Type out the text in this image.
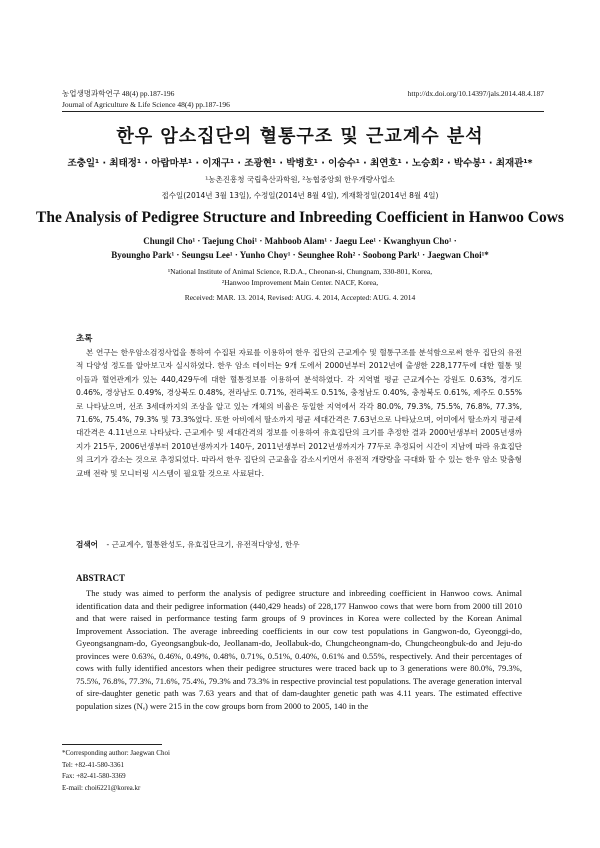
농업생명과학연구 48(4) pp.187-196	http://dx.doi.org/10.14397/jals.2014.48.4.187
Journal of Agriculture & Life Science 48(4) pp.187-196
한우 암소집단의 혈통구조 및 근교계수 분석
조충일¹ · 최태정¹ · 아랍마부¹ · 이재구¹ · 조광현¹ · 박병호¹ · 이승수¹ · 최연호¹ · 노승희² · 박수봉¹ · 최재관¹*
¹농촌진흥청 국립축산과학원, ²농협중앙회 한우개량사업소
접수일(2014년 3월 13일), 수정일(2014년 8월 4일), 게재확정일(2014년 8월 4일)
The Analysis of Pedigree Structure and Inbreeding Coefficient in Hanwoo Cows
Chungil Cho¹ · Taejung Choi¹ · Mahboob Alam¹ · Jaegu Lee¹ · Kwanghyun Cho¹ ·
Byoungho Park¹ · Seungsu Lee¹ · Yunho Choy¹ · Seunghee Roh² · Soobong Park¹ · Jaegwan Choi¹*
¹National Institute of Animal Science, R.D.A., Cheonan-si, Chungnam, 330-801, Korea,
²Hanwoo Improvement Main Center. NACF, Korea,
Received: MAR. 13. 2014, Revised: AUG. 4. 2014, Accepted: AUG. 4. 2014
초록
본 연구는 한우암소검정사업을 통하여 수집된 자료를 이용하여 한우 집단의 근교계수 및 혈통구조를 분석함으로써 한우 집단의 유전적 다양성 정도를 알아보고자 실시하였다. 한우 암소 데이터는 9개 도에서 2000년부터 2012년에 출생한 228,177두에 대한 혈통 및 이들과 혈연관계가 있는 440,429두에 대한 혈통정보를 이용하여 분석하였다. 각 지역별 평균 근교계수는 강원도 0.63%, 경기도 0.46%, 경상남도 0.49%, 경상북도 0.48%, 전라남도 0.71%, 전라북도 0.51%, 충청남도 0.40%, 충청북도 0.61%, 제주도 0.55%로 나타났으며, 선조 3세대까지의 조상을 알고 있는 개체의 비율은 동일한 지역에서 각각 80.0%, 79.3%, 75.5%, 76.8%, 77.3%, 71.6%, 75.4%, 79.3% 및 73.3%였다. 또한 아비에서 딸소까지 평균 세대간격은 7.63년으로 나타났으며, 어미에서 딸소까지 평균세대간격은 4.11년으로 나타났다. 근교계수 및 세대간격의 정보를 이용하여 유효집단의 크기를 추정한 결과 2000년생부터 2005년생까지가 215두, 2006년생부터 2010년생까지가 140두, 2011년생부터 2012년생까지가 77두로 추정되어 시간이 지남에 따라 유효집단의 크기가 감소는 것으로 추정되었다. 따라서 한우 집단의 근교율을 감소시키면서 유전적 개량량을 극대화 할 수 있는 한우 암소 맞춤형 교배 전략 및 모니터링 시스템이 필요할 것으로 사료된다.
검색어 - 근교계수, 혈통완성도, 유효집단크기, 유전적다양성, 한우
ABSTRACT
The study was aimed to perform the analysis of pedigree structure and inbreeding coefficient in Hanwoo cows. Animal identification data and their pedigree information (440,429 heads) of 228,177 Hanwoo cows that were born from 2000 till 2010 and that were raised in performance testing farm groups of 9 provinces in Korea were collected by the Korean Animal Improvement Association. The average inbreeding coefficients in our cow test populations in Gangwon-do, Gyeonggi-do, Gyeongsangnam-do, Gyeongsangbuk-do, Jeollanam-do, Jeollabuk-do, Chungcheongnam-do, Chungcheongbuk-do and Jeju-do provinces were 0.63%, 0.46%, 0.49%, 0.48%, 0.71%, 0.51%, 0.40%, 0.61% and 0.55%, respectively. And their percentages of cows with fully identified ancestors when their pedigree structures were traced back up to 3 generations were 80.0%, 79.3%, 75.5%, 76.8%, 77.3%, 71.6%, 75.4%, 79.3% and 73.3% in respective provincial test populations. The average generation interval of sire-daughter genetic path was 7.63 years and that of dam-daughter genetic path was 4.11 years. The estimated effective population sizes (Nₑ) were 215 in the cow groups born from 2000 to 2005, 140 in the
*Corresponding author: Jaegwan Choi
Tel: +82-41-580-3361
Fax: +82-41-580-3369
E-mail: choi6221@korea.kr
